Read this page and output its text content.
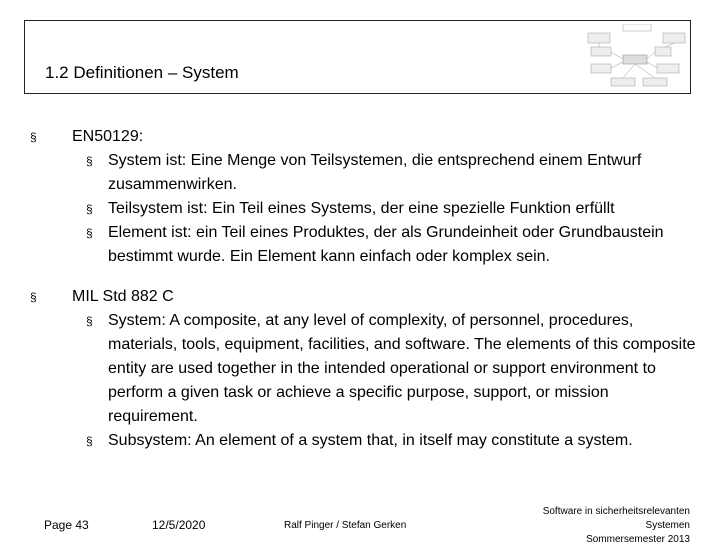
1.2 Definitionen – System
§ EN50129:
§ System ist: Eine Menge von Teilsystemen, die entsprechend einem Entwurf zusammenwirken.
§ Teilsystem ist: Ein Teil eines Systems, der eine spezielle Funktion erfüllt
§ Element ist: ein Teil eines Produktes, der als Grundeinheit oder Grundbaustein bestimmt wurde. Ein Element kann einfach oder komplex sein.
§ MIL Std 882 C
§ System: A composite, at any level of complexity, of personnel, procedures, materials, tools, equipment, facilities, and software. The elements of this composite entity are used together in the intended operational or support environment to perform a given task or achieve a specific purpose, support, or mission requirement.
§ Subsystem: An element of a system that, in itself may constitute a system.
Page 43	12/5/2020	Ralf Pinger / Stefan Gerken
Software in sicherheitsrelevanten Systemen
Sommersemester 2013
